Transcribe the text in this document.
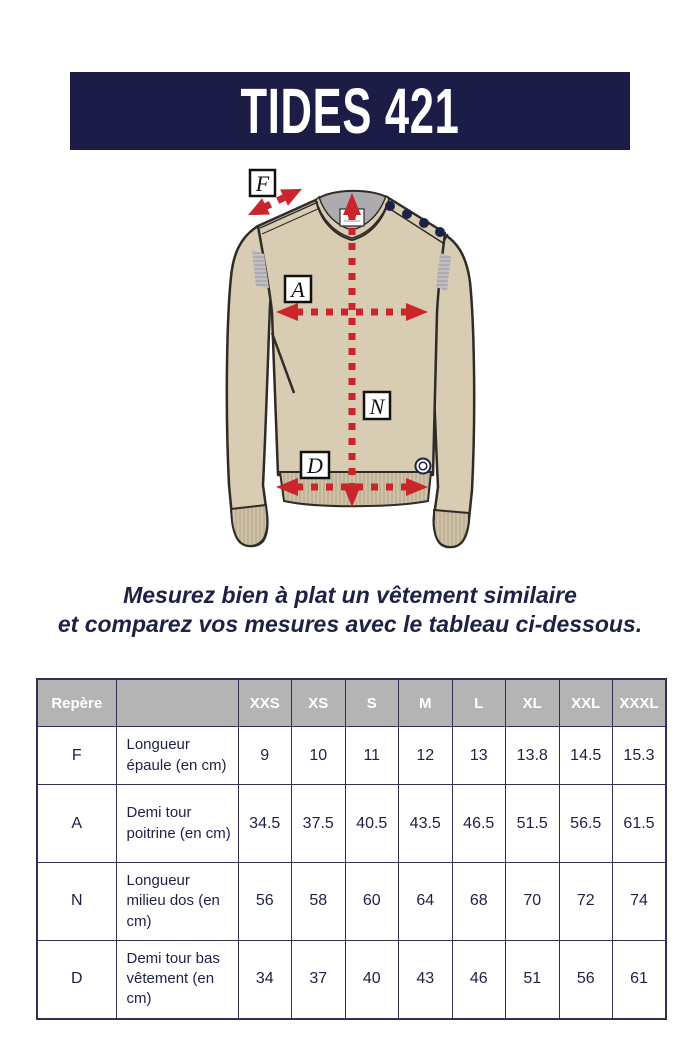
TIDES 421
F
A
N
D

Mesurez bien à plat un vêtement similaire
et comparez vos mesures avec le tableau ci-dessous.

Repère		XXS	XS	S	M	L	XL	XXL	XXXL
F	Longueur épaule (en cm)	9	10	11	12	13	13.8	14.5	15.3
A	Demi tour poitrine (en cm)	34.5	37.5	40.5	43.5	46.5	51.5	56.5	61.5
N	Longueur milieu dos (en cm)	56	58	60	64	68	70	72	74
D	Demi tour bas vêtement (en cm)	34	37	40	43	46	51	56	61
